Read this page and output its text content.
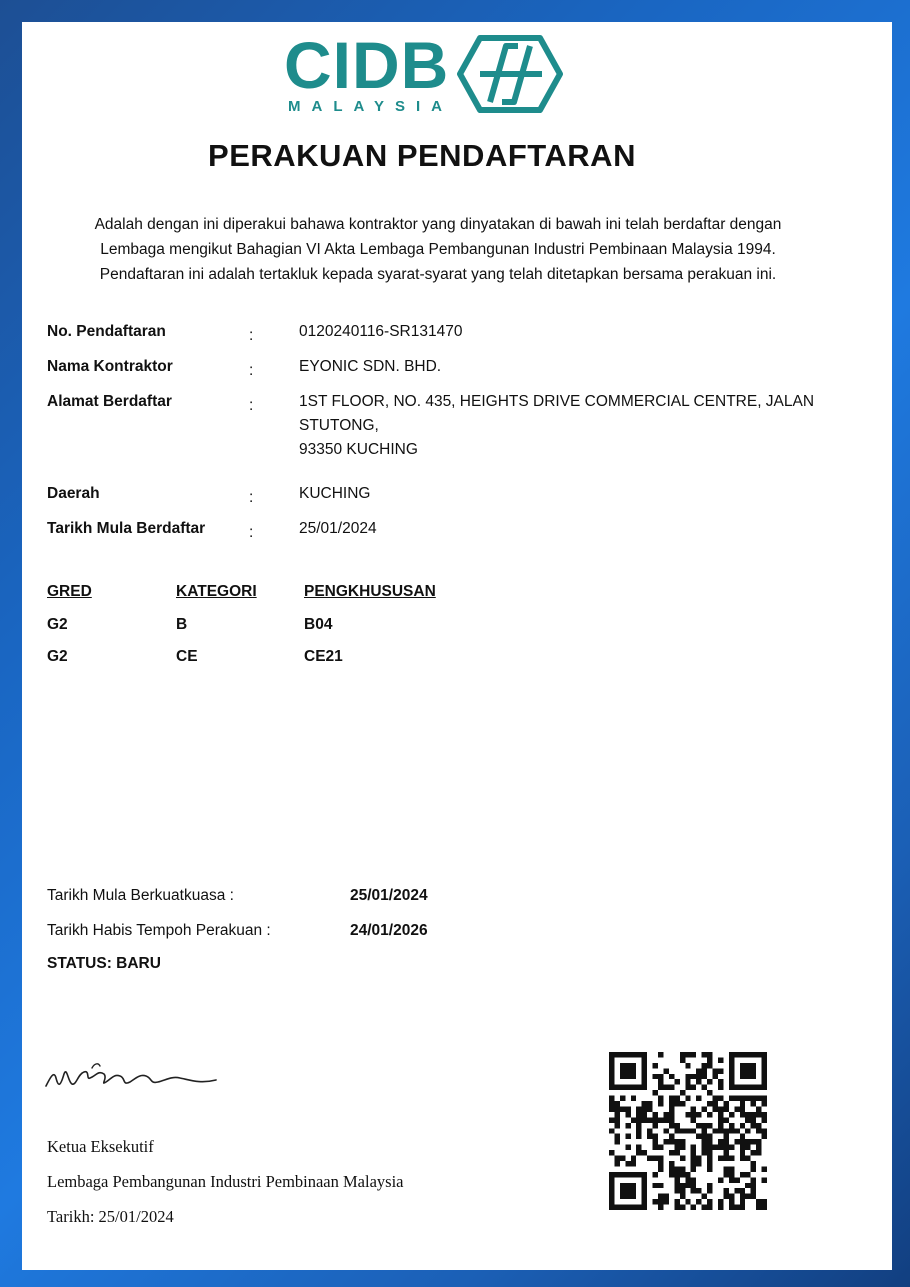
CIDB
MALAYSIA
PERAKUAN PENDAFTARAN
Adalah dengan ini diperakui bahawa kontraktor yang dinyatakan di bawah ini telah berdaftar dengan
Lembaga mengikut Bahagian VI Akta Lembaga Pembangunan Industri Pembinaan Malaysia 1994.
Pendaftaran ini adalah tertakluk kepada syarat-syarat yang telah ditetapkan bersama perakuan ini.
No. Pendaftaran	:	0120240116-SR131470
Nama Kontraktor	:	EYONIC SDN. BHD.
Alamat Berdaftar	:	1ST FLOOR, NO. 435, HEIGHTS DRIVE COMMERCIAL CENTRE, JALAN
STUTONG,
93350 KUCHING
Daerah	:	KUCHING
Tarikh Mula Berdaftar	:	25/01/2024
GRED	KATEGORI	PENGKHUSUSAN
G2	B	B04
G2	CE	CE21
Tarikh Mula Berkuatkuasa :	25/01/2024
Tarikh Habis Tempoh Perakuan :	24/01/2026
STATUS: BARU
Ketua Eksekutif
Lembaga Pembangunan Industri Pembinaan Malaysia
Tarikh: 25/01/2024
